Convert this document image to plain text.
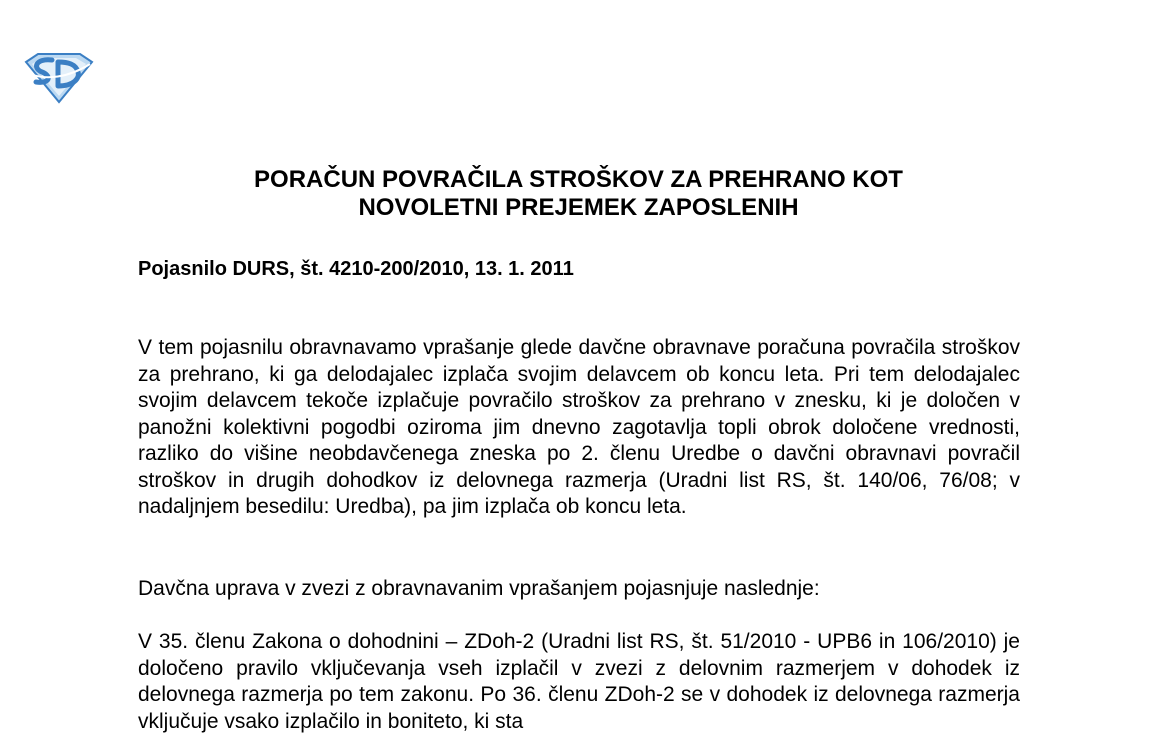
PORAČUN POVRAČILA STROŠKOV ZA PREHRANO KOT
NOVOLETNI PREJEMEK ZAPOSLENIH

Pojasnilo DURS, št. 4210-200/2010, 13. 1. 2011

V tem pojasnilu obravnavamo vprašanje glede davčne obravnave poračuna povračila stroškov za prehrano, ki ga delodajalec izplača svojim delavcem ob koncu leta. Pri tem delodajalec svojim delavcem tekoče izplačuje povračilo stroškov za prehrano v znesku, ki je določen v panožni kolektivni pogodbi oziroma jim dnevno zagotavlja topli obrok določene vrednosti, razliko do višine neobdavčenega zneska po 2. členu Uredbe o davčni obravnavi povračil stroškov in drugih dohodkov iz delovnega razmerja (Uradni list RS, št. 140/06, 76/08; v nadaljnjem besedilu: Uredba), pa jim izplača ob koncu leta.

Davčna uprava v zvezi z obravnavanim vprašanjem pojasnjuje naslednje:

V 35. členu Zakona o dohodnini – ZDoh-2 (Uradni list RS, št. 51/2010 - UPB6 in 106/2010) je določeno pravilo vključevanja vseh izplačil v zvezi z delovnim razmerjem v dohodek iz delovnega razmerja po tem zakonu. Po 36. členu ZDoh-2 se v dohodek iz delovnega razmerja vključuje vsako izplačilo in boniteto, ki sta
